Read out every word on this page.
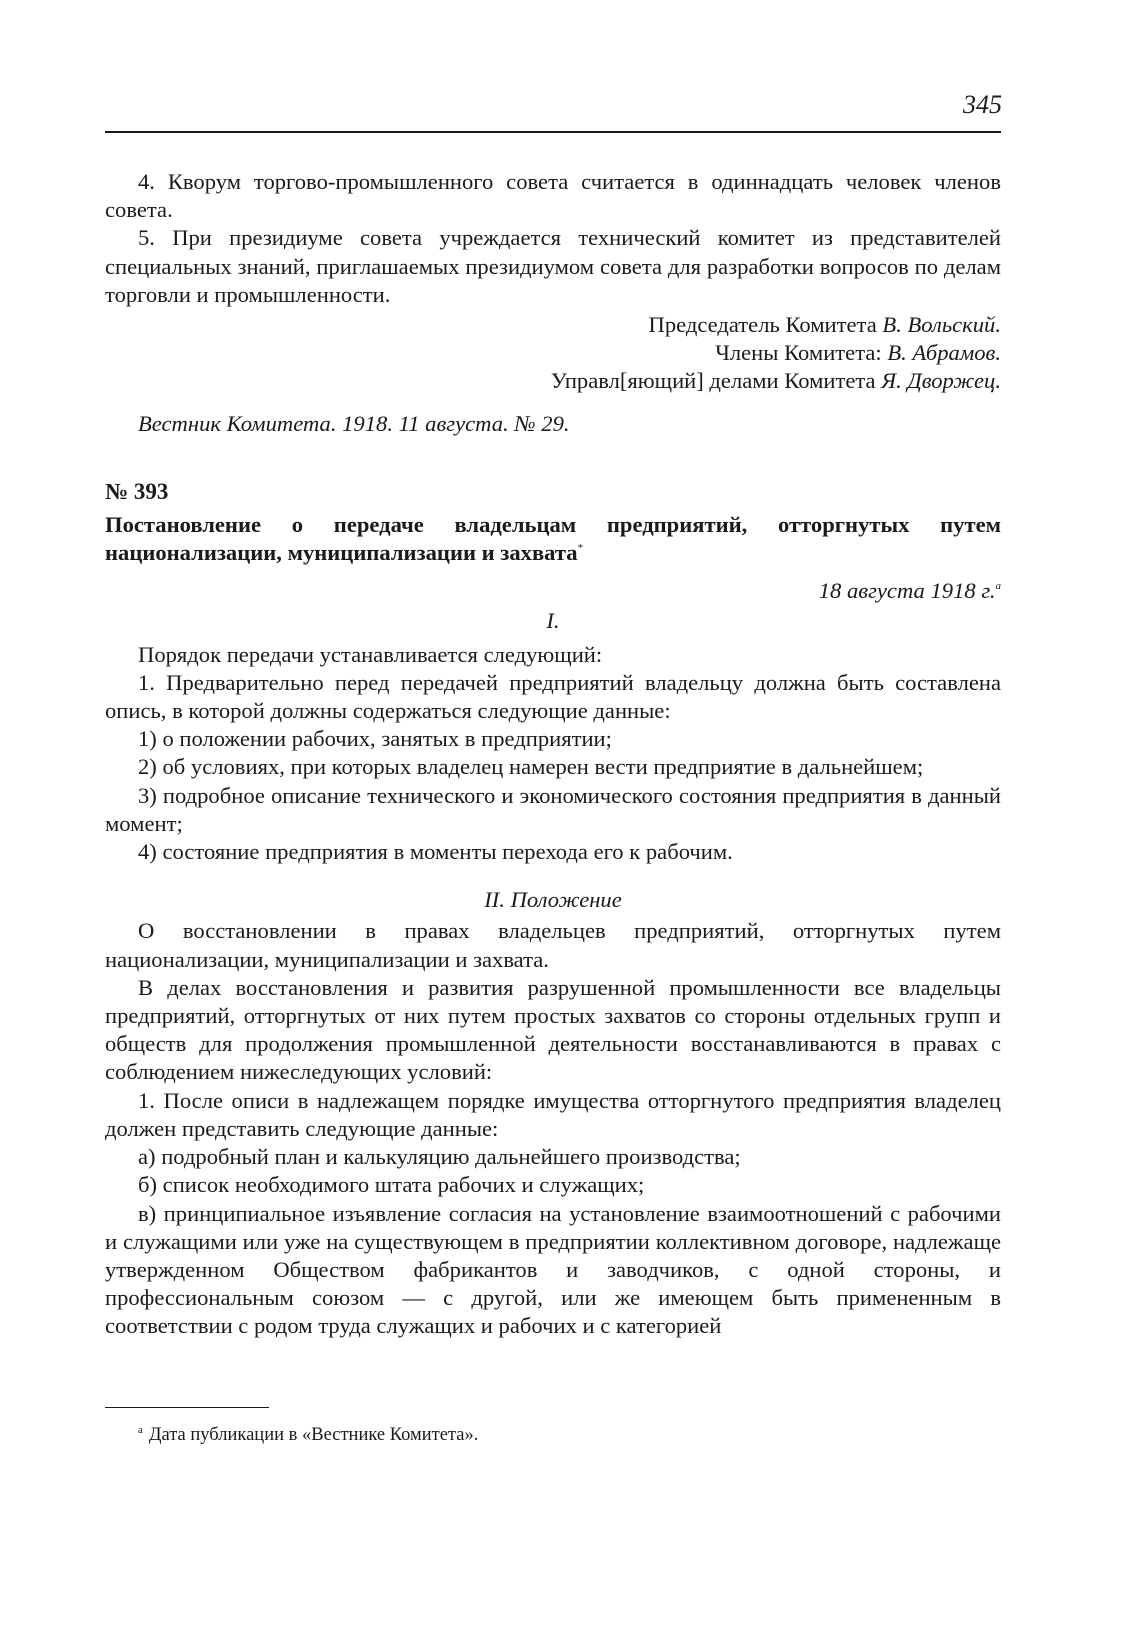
345

4. Кворум торгово-промышленного совета считается в одиннадцать человек членов совета.

5. При президиуме совета учреждается технический комитет из представителей специальных знаний, приглашаемых президиумом совета для разработки вопросов по делам торговли и промышленности.

Председатель Комитета В. Вольский.
Члены Комитета: В. Абрамов.
Управл[яющий] делами Комитета Я. Дворжец.

Вестник Комитета. 1918. 11 августа. № 29.

№ 393
Постановление о передаче владельцам предприятий, отторгнутых путем национализации, муниципализации и захвата*
18 августа 1918 г.$^а$
I.

Порядок передачи устанавливается следующий:

1. Предварительно перед передачей предприятий владельцу должна быть составлена опись, в которой должны содержаться следующие данные:

1) о положении рабочих, занятых в предприятии;

2) об условиях, при которых владелец намерен вести предприятие в дальнейшем;

3) подробное описание технического и экономического состояния предприятия в данный момент;

4) состояние предприятия в моменты перехода его к рабочим.

II. Положение

О восстановлении в правах владельцев предприятий, отторгнутых путем национализации, муниципализации и захвата.

В делах восстановления и развития разрушенной промышленности все владельцы предприятий, отторгнутых от них путем простых захватов со стороны отдельных групп и обществ для продолжения промышленной деятельности восстанавливаются в правах с соблюдением нижеследующих условий:

1. После описи в надлежащем порядке имущества отторгнутого предприятия владелец должен представить следующие данные:

а) подробный план и калькуляцию дальнейшего производства;

б) список необходимого штата рабочих и служащих;

в) принципиальное изъявление согласия на установление взаимоотношений с рабочими и служащими или уже на существующем в предприятии коллективном договоре, надлежаще утвержденном Обществом фабрикантов и заводчиков, с одной стороны, и профессиональным союзом — с другой, или же имеющем быть примененным в соответствии с родом труда служащих и рабочих и с категорией

$^а$ Дата публикации в «Вестнике Комитета».
